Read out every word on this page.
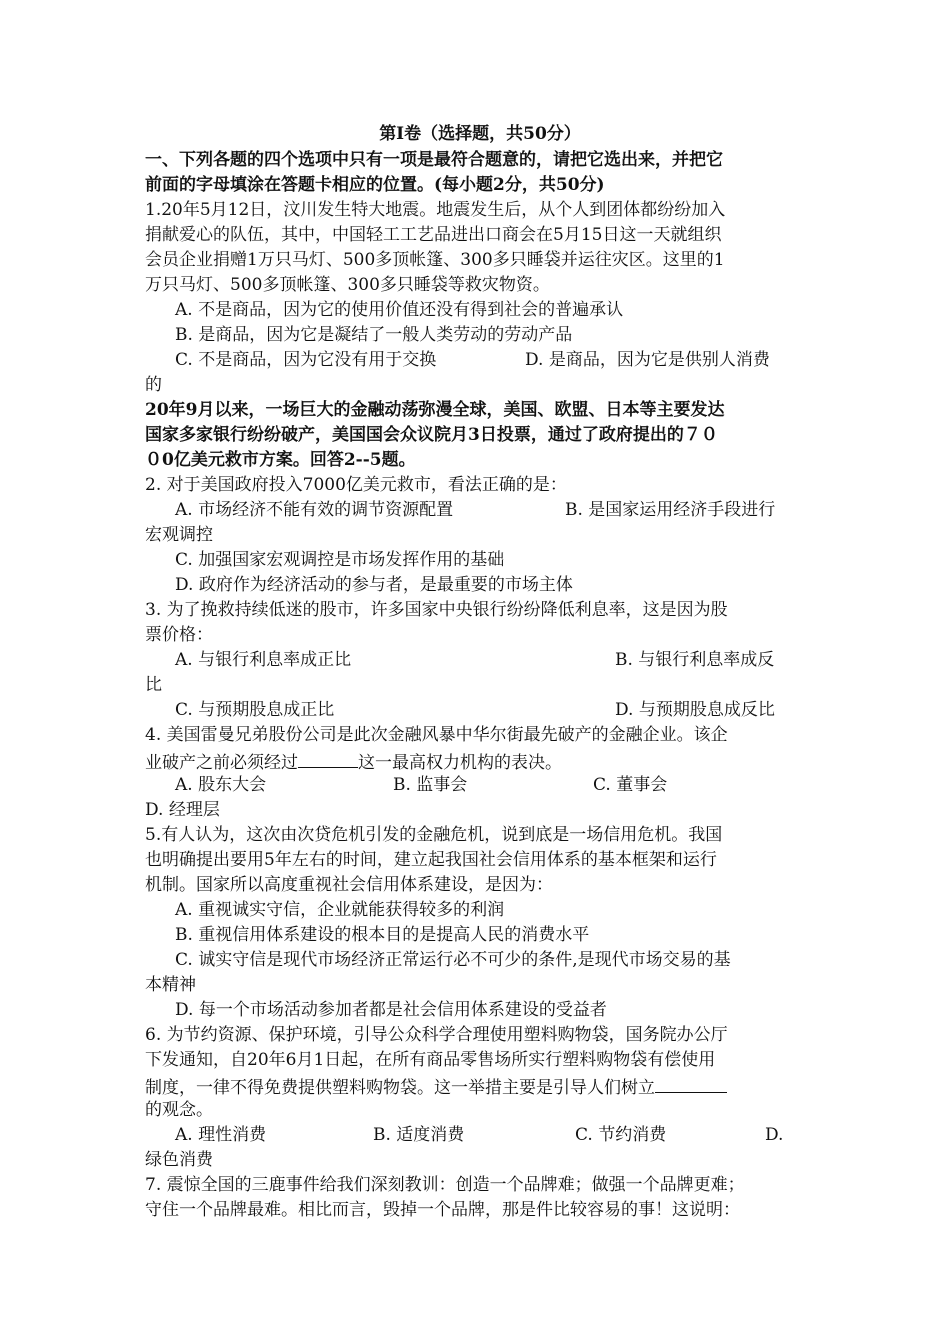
第Ⅰ卷（选择题，共50分）
一、下列各题的四个选项中只有一项是最符合题意的，请把它选出来，并把它
前面的字母填涂在答题卡相应的位置。(每小题2分，共50分)
1.20年5月12日，汶川发生特大地震。地震发生后，从个人到团体都纷纷加入
捐献爱心的队伍，其中，中国轻工工艺品进出口商会在5月15日这一天就组织
会员企业捐赠1万只马灯、500多顶帐篷、300多只睡袋并运往灾区。这里的1
万只马灯、500多顶帐篷、300多只睡袋等救灾物资。
A. 不是商品，因为它的使用价值还没有得到社会的普遍承认
B. 是商品，因为它是凝结了一般人类劳动的劳动产品
C. 不是商品，因为它没有用于交换	D. 是商品，因为它是供别人消费
的
20年9月以来，一场巨大的金融动荡弥漫全球，美国、欧盟、日本等主要发达
国家多家银行纷纷破产，美国国会众议院月3日投票，通过了政府提出的７０
０0亿美元救市方案。回答2--5题。
2. 对于美国政府投入7000亿美元救市，看法正确的是：
A. 市场经济不能有效的调节资源配置	B. 是国家运用经济手段进行
宏观调控
C. 加强国家宏观调控是市场发挥作用的基础
D. 政府作为经济活动的参与者，是最重要的市场主体
3. 为了挽救持续低迷的股市，许多国家中央银行纷纷降低利息率，这是因为股
票价格：
A. 与银行利息率成正比	B. 与银行利息率成反
比
C. 与预期股息成正比	D. 与预期股息成反比
4. 美国雷曼兄弟股份公司是此次金融风暴中华尔街最先破产的金融企业。该企
业破产之前必须经过	这一最高权力机构的表决。
A. 股东大会	B. 监事会	C. 董事会
D. 经理层
5.有人认为，这次由次贷危机引发的金融危机，说到底是一场信用危机。我国
也明确提出要用5年左右的时间，建立起我国社会信用体系的基本框架和运行
机制。国家所以高度重视社会信用体系建设，是因为：
A. 重视诚实守信，企业就能获得较多的利润
B. 重视信用体系建设的根本目的是提高人民的消费水平
C. 诚实守信是现代市场经济正常运行必不可少的条件,是现代市场交易的基
本精神
D. 每一个市场活动参加者都是社会信用体系建设的受益者
6. 为节约资源、保护环境，引导公众科学合理使用塑料购物袋，国务院办公厅
下发通知，自20年6月1日起，在所有商品零售场所实行塑料购物袋有偿使用
制度，一律不得免费提供塑料购物袋。这一举措主要是引导人们树立
的观念。
A. 理性消费	B. 适度消费	C. 节约消费	D.
绿色消费
7. 震惊全国的三鹿事件给我们深刻教训：创造一个品牌难；做强一个品牌更难；
守住一个品牌最难。相比而言，毁掉一个品牌，那是件比较容易的事！这说明：
